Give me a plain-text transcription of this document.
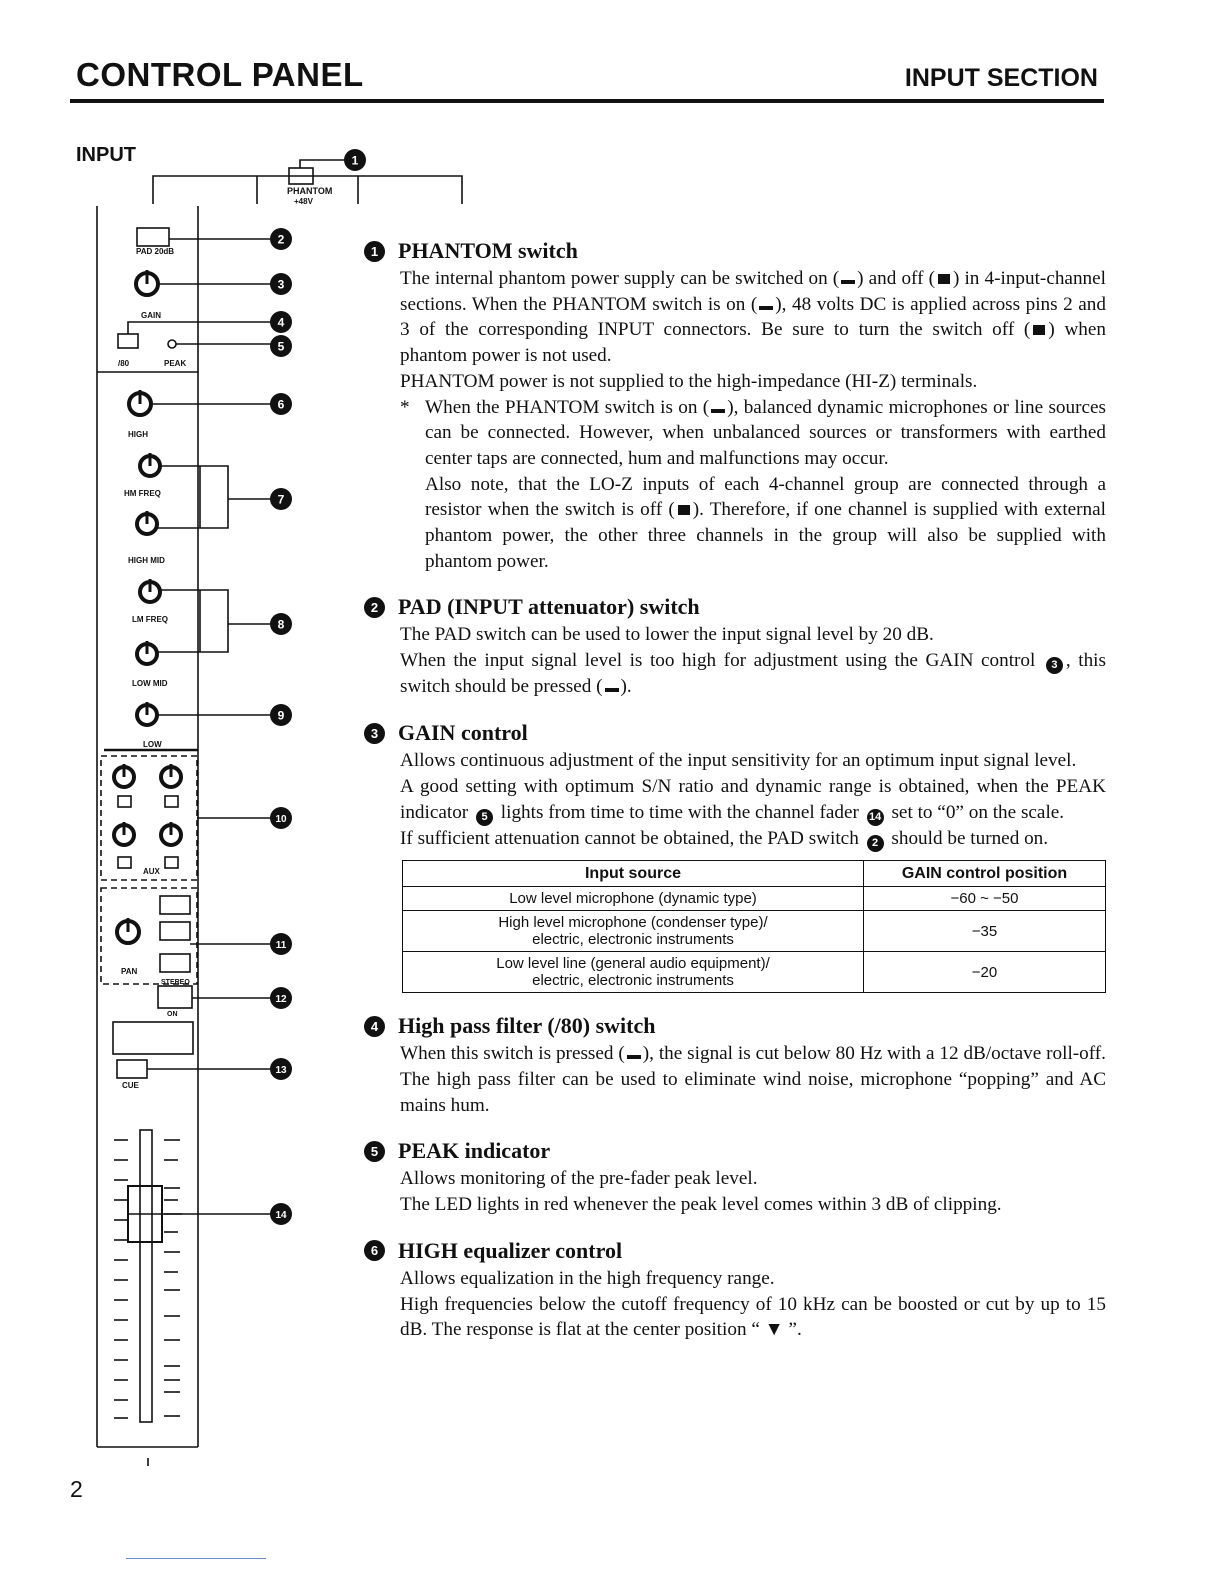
CONTROL PANEL	INPUT SECTION
INPUT
PHANTOM
+48V
PAD 20dB
GAIN
/80	PEAK
HIGH
HM FREQ
HIGH MID
LM FREQ
LOW MID
LOW
AUX
PAN
STEREO
ON
CUE
1
2
3
4
5
6
7
8
9
10
11
12
13
14
1 PHANTOM switch

The internal phantom power supply can be switched on ( ) and off ( ) in 4-input-channel sections. When the PHANTOM switch is on ( ), 48 volts DC is applied across pins 2 and 3 of the corresponding INPUT connectors. Be sure to turn the switch off ( ) when phantom power is not used.

PHANTOM power is not supplied to the high-impedance (HI-Z) terminals.

* When the PHANTOM switch is on ( ), balanced dynamic microphones or line sources can be connected. However, when unbalanced sources or transformers with earthed center taps are connected, hum and malfunctions may occur.

Also note, that the LO-Z inputs of each 4-channel group are connected through a resistor when the switch is off ( ). Therefore, if one channel is supplied with external phantom power, the other three channels in the group will also be supplied with phantom power.

2 PAD (INPUT attenuator) switch

The PAD switch can be used to lower the input signal level by 20 dB.

When the input signal level is too high for adjustment using the GAIN control 3 , this switch should be pressed ( ).

3 GAIN control

Allows continuous adjustment of the input sensitivity for an optimum input signal level.

A good setting with optimum S/N ratio and dynamic range is obtained, when the PEAK indicator 5 lights from time to time with the channel fader 14 set to “0” on the scale.

If sufficient attenuation cannot be obtained, the PAD switch 2 should be turned on.

Input source	GAIN control position
Low level microphone (dynamic type)	−60 ~ −50
High level microphone (condenser type)/
electric, electronic instruments	−35
Low level line (general audio equipment)/
electric, electronic instruments	−20
4 High pass filter (/80) switch

When this switch is pressed ( ), the signal is cut below 80 Hz with a 12 dB/octave roll-off. The high pass filter can be used to eliminate wind noise, microphone “popping” and AC mains hum.

5 PEAK indicator

Allows monitoring of the pre-fader peak level.

The LED lights in red whenever the peak level comes within 3 dB of clipping.

6 HIGH equalizer control

Allows equalization in the high frequency range.

High frequencies below the cutoff frequency of 10 kHz can be boosted or cut by up to 15 dB. The response is flat at the center position “ ▼ ”.

2
